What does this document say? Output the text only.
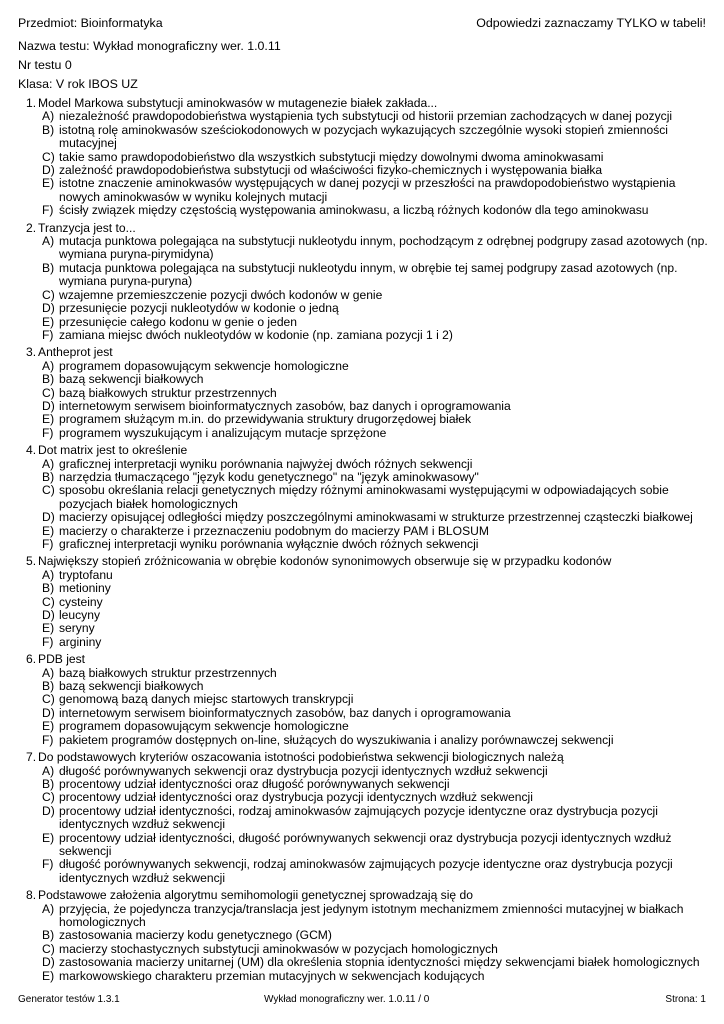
Przedmiot: Bioinformatyka	Odpowiedzi zaznaczamy TYLKO w tabeli!
Nazwa testu: Wykład monograficzny wer. 1.0.11
Nr testu 0
Klasa: V rok IBOS UZ
1. Model Markowa substytucji aminokwasów w mutagenezie białek zakłada...
A) niezależność prawdopodobieństwa wystąpienia tych substytucji od historii przemian zachodzących w danej pozycji
B) istotną rolę aminokwasów sześciokodonowych w pozycjach wykazujących szczególnie wysoki stopień zmienności mutacyjnej
C) takie samo prawdopodobieństwo dla wszystkich substytucji między dowolnymi dwoma aminokwasami
D) zależność prawdopodobieństwa substytucji od właściwości fizyko-chemicznych i występowania białka
E) istotne znaczenie aminokwasów występujących w danej pozycji w przeszłości na prawdopodobieństwo wystąpienia nowych aminokwasów w wyniku kolejnych mutacji
F) ścisły związek między częstością występowania aminokwasu, a liczbą różnych kodonów dla tego aminokwasu
2. Tranzycja jest to...
A) mutacja punktowa polegająca na substytucji nukleotydu innym, pochodzącym z odrębnej podgrupy zasad azotowych (np. wymiana puryna-pirymidyna)
B) mutacja punktowa polegająca na substytucji nukleotydu innym, w obrębie tej samej podgrupy zasad azotowych (np. wymiana puryna-puryna)
C) wzajemne przemieszczenie pozycji dwóch kodonów w genie
D) przesunięcie pozycji nukleotydów w kodonie o jedną
E) przesunięcie całego kodonu w genie o jeden
F) zamiana miejsc dwóch nukleotydów w kodonie (np. zamiana pozycji 1 i 2)
3. Antheprot jest
A) programem dopasowującym sekwencje homologiczne
B) bazą sekwencji białkowych
C) bazą białkowych struktur przestrzennych
D) internetowym serwisem bioinformatycznych zasobów, baz danych i oprogramowania
E) programem służącym m.in. do przewidywania struktury drugorzędowej białek
F) programem wyszukującym i analizującym mutacje sprzężone
4. Dot matrix jest to określenie
A) graficznej interpretacji wyniku porównania najwyżej dwóch różnych sekwencji
B) narzędzia tłumaczącego "język kodu genetycznego" na "język aminokwasowy"
C) sposobu określania relacji genetycznych między różnymi aminokwasami występującymi w odpowiadających sobie pozycjach białek homologicznych
D) macierzy opisującej odległości między poszczególnymi aminokwasami w strukturze przestrzennej cząsteczki białkowej
E) macierzy o charakterze i przeznaczeniu podobnym do macierzy PAM i BLOSUM
F) graficznej interpretacji wyniku porównania wyłącznie dwóch różnych sekwencji
5. Największy stopień zróżnicowania w obrębie kodonów synonimowych obserwuje się w przypadku kodonów
A) tryptofanu
B) metioniny
C) cysteiny
D) leucyny
E) seryny
F) argininy
6. PDB jest
A) bazą białkowych struktur przestrzennych
B) bazą sekwencji białkowych
C) genomową bazą danych miejsc startowych transkrypcji
D) internetowym serwisem bioinformatycznych zasobów, baz danych i oprogramowania
E) programem dopasowującym sekwencje homologiczne
F) pakietem programów dostępnych on-line, służących do wyszukiwania i analizy porównawczej sekwencji
7. Do podstawowych kryteriów oszacowania istotności podobieństwa sekwencji biologicznych należą
A) długość porównywanych sekwencji oraz dystrybucja pozycji identycznych wzdłuż sekwencji
B) procentowy udział identyczności oraz długość porównywanych sekwencji
C) procentowy udział identyczności oraz dystrybucja pozycji identycznych wzdłuż sekwencji
D) procentowy udział identyczności, rodzaj aminokwasów zajmujących pozycje identyczne oraz dystrybucja pozycji identycznych wzdłuż sekwencji
E) procentowy udział identyczności, długość porównywanych sekwencji oraz dystrybucja pozycji identycznych wzdłuż sekwencji
F) długość porównywanych sekwencji, rodzaj aminokwasów zajmujących pozycje identyczne oraz dystrybucja pozycji identycznych wzdłuż sekwencji
8. Podstawowe założenia algorytmu semihomologii genetycznej sprowadzają się do
A) przyjęcia, że pojedyncza tranzycja/translacja jest jedynym istotnym mechanizmem zmienności mutacyjnej w białkach homologicznych
B) zastosowania macierzy kodu genetycznego (GCM)
C) macierzy stochastycznych substytucji aminokwasów w pozycjach homologicznych
D) zastosowania macierzy unitarnej (UM) dla określenia stopnia identyczności między sekwencjami białek homologicznych
E) markowowskiego charakteru przemian mutacyjnych w sekwencjach kodujących
Generator testów 1.3.1	Wykład monograficzny wer. 1.0.11 / 0	Strona: 1
